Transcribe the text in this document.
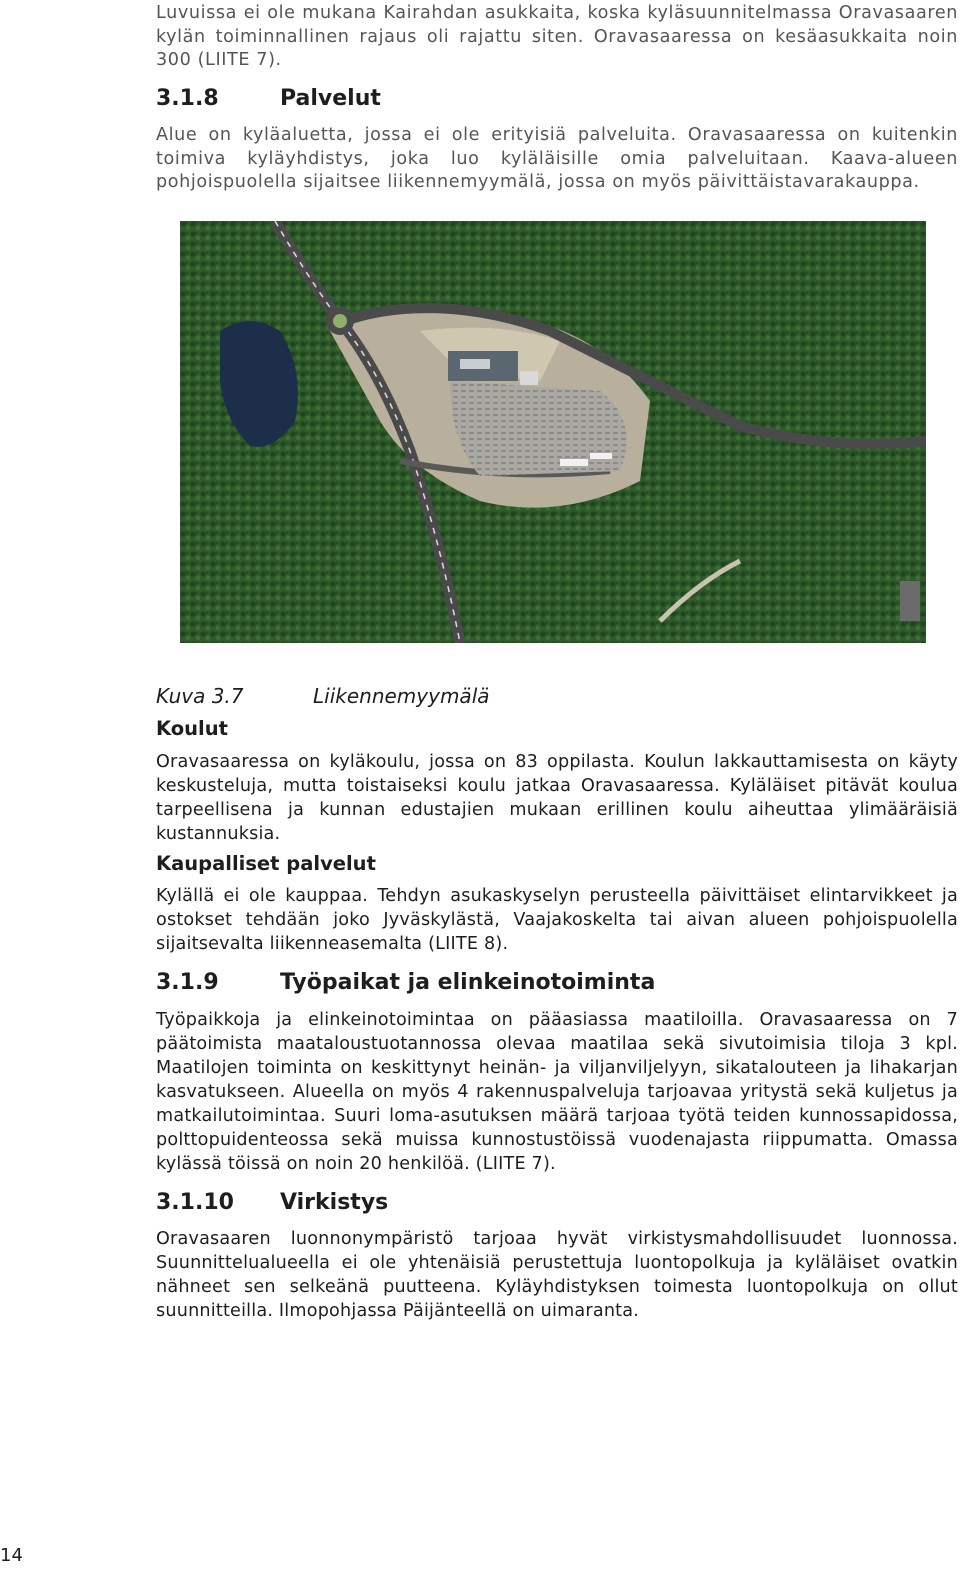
Luvuissa ei ole mukana Kairahdan asukkaita, koska kyläsuunnitelmassa Oravasaaren kylän toiminnallinen rajaus oli rajattu siten. Oravasaaressa on kesäasukkaita noin 300 (LIITE 7).

3.1.8	Palvelut

Alue on kyläaluetta, jossa ei ole erityisiä palveluita. Oravasaaressa on kuitenkin toimiva kyläyhdistys, joka luo kyläläisille omia palveluitaan. Kaava-alueen pohjoispuolella sijaitsee liikennemyymälä, jossa on myös päivittäistavarakauppa.

Kuva 3.7	Liikennemyymälä
Koulut

Oravasaaressa on kyläkoulu, jossa on 83 oppilasta. Koulun lakkauttamisesta on käyty keskusteluja, mutta toistaiseksi koulu jatkaa Oravasaaressa. Kyläläiset pitävät koulua tarpeellisena ja kunnan edustajien mukaan erillinen koulu aiheuttaa ylimääräisiä kustannuksia.

Kaupalliset palvelut

Kylällä ei ole kauppaa. Tehdyn asukaskyselyn perusteella päivittäiset elintarvikkeet ja ostokset tehdään joko Jyväskylästä, Vaajakoskelta tai aivan alueen pohjoispuolella sijaitsevalta liikenneasemalta (LIITE 8).

3.1.9	Työpaikat ja elinkeinotoiminta

Työpaikkoja ja elinkeinotoimintaa on pääasiassa maatiloilla. Oravasaaressa on 7 päätoimista maataloustuotannossa olevaa maatilaa sekä sivutoimisia tiloja 3 kpl. Maatilojen toiminta on keskittynyt heinän- ja viljanviljelyyn, sikatalouteen ja lihakarjan kasvatukseen. Alueella on myös 4 rakennuspalveluja tarjoavaa yritystä sekä kuljetus ja matkailutoimintaa. Suuri loma-asutuksen määrä tarjoaa työtä teiden kunnossapidossa, polttopuidenteossa sekä muissa kunnostustöissä vuodenajasta riippumatta. Omassa kylässä töissä on noin 20 henkilöä. (LIITE 7).

3.1.10	Virkistys

Oravasaaren luonnonympäristö tarjoaa hyvät virkistysmahdollisuudet luonnossa. Suunnittelualueella ei ole yhtenäisiä perustettuja luontopolkuja ja kyläläiset ovatkin nähneet sen selkeänä puutteena. Kyläyhdistyksen toimesta luontopolkuja on ollut suunnitteilla. Ilmopohjassa Päijänteellä on uimaranta.

14
